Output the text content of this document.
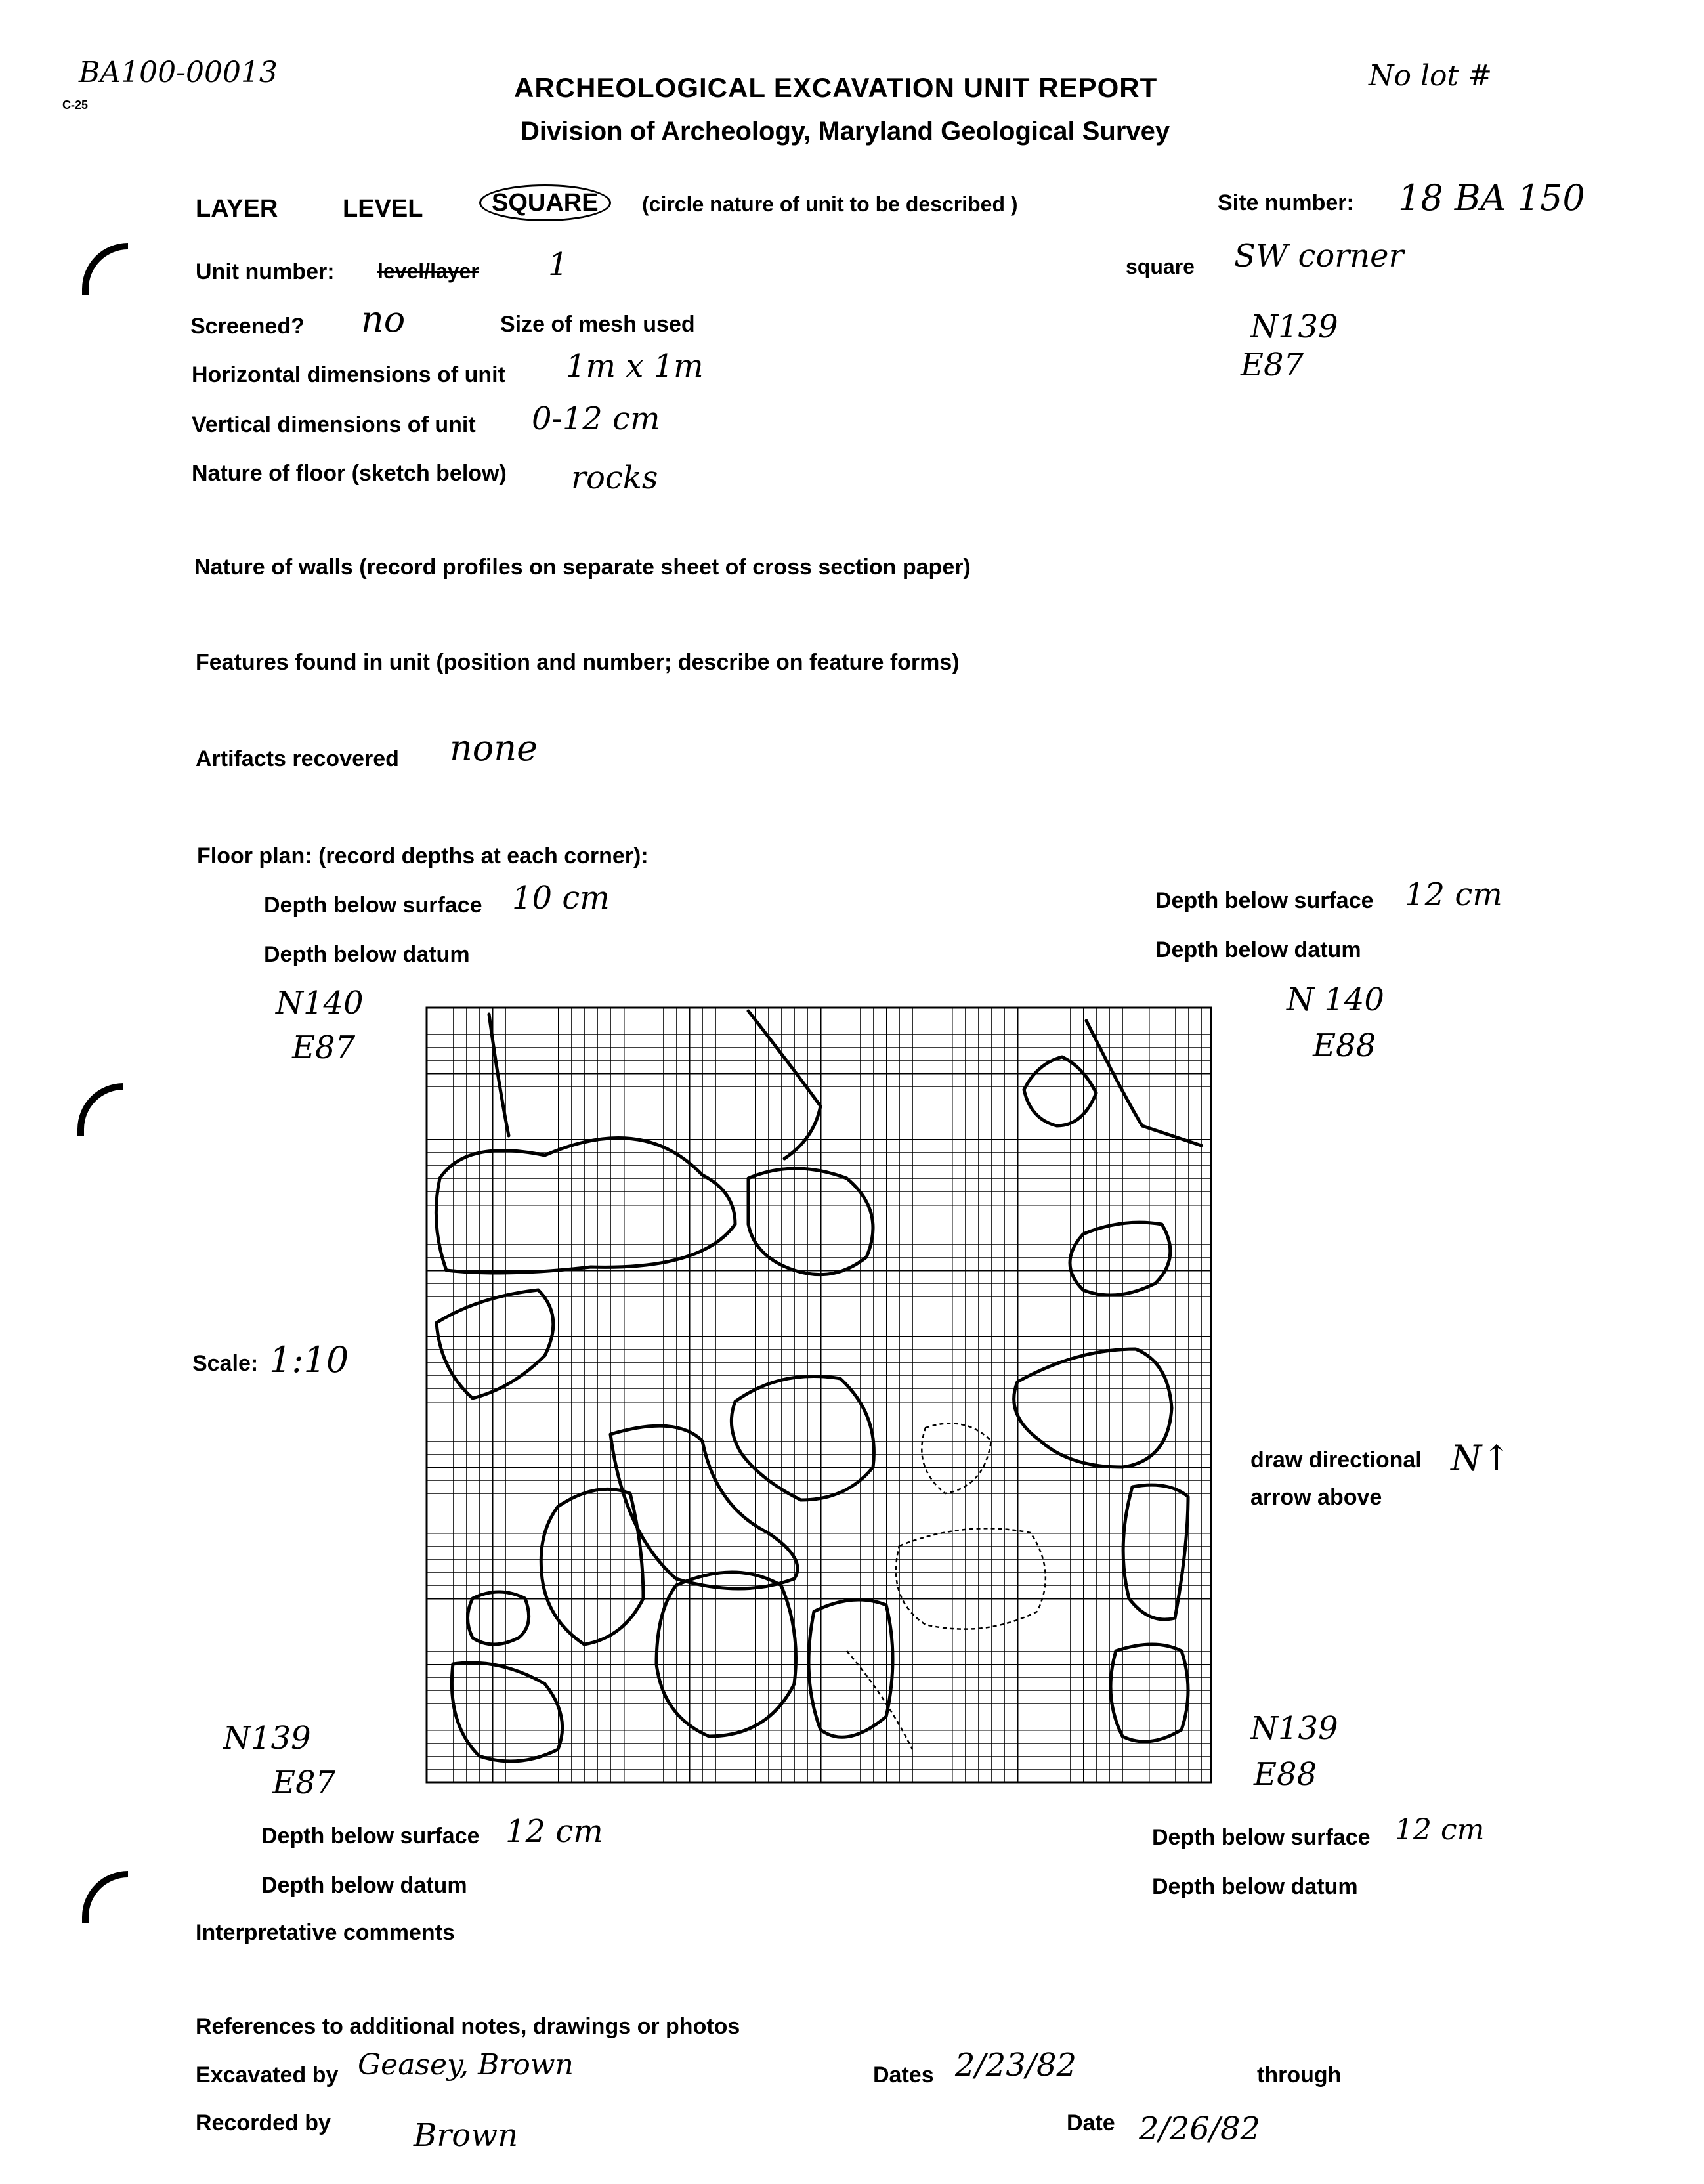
BA100-00013
C-25
No lot #
ARCHEOLOGICAL EXCAVATION UNIT REPORT
Division of Archeology, Maryland Geological Survey
LAYER	LEVEL	SQUARE	(circle nature of unit to be described )	Site number: 18 BA 150
Unit number: level/layer 1	square SW corner
Screened? no	Size of mesh used	N139
E87
Horizontal dimensions of unit 1m x 1m
Vertical dimensions of unit 0-12 cm
Nature of floor (sketch below) rocks
Nature of walls (record profiles on separate sheet of cross section paper)
Features found in unit (position and number; describe on feature forms)
Artifacts recovered none
Floor plan: (record depths at each corner):
Depth below surface 10 cm
Depth below datum
N140
E87
Depth below surface 12 cm
Depth below datum
N 140
E88
Scale: 1:10
draw directional
arrow above
N↑
N139
E87
Depth below surface 12 cm
Depth below datum
N139
E88
Depth below surface 12 cm
Depth below datum
Interpretative comments
References to additional notes, drawings or photos
Excavated by Geasey, Brown	Dates 2/23/82	through
Recorded by	Brown	Date 2/26/82
